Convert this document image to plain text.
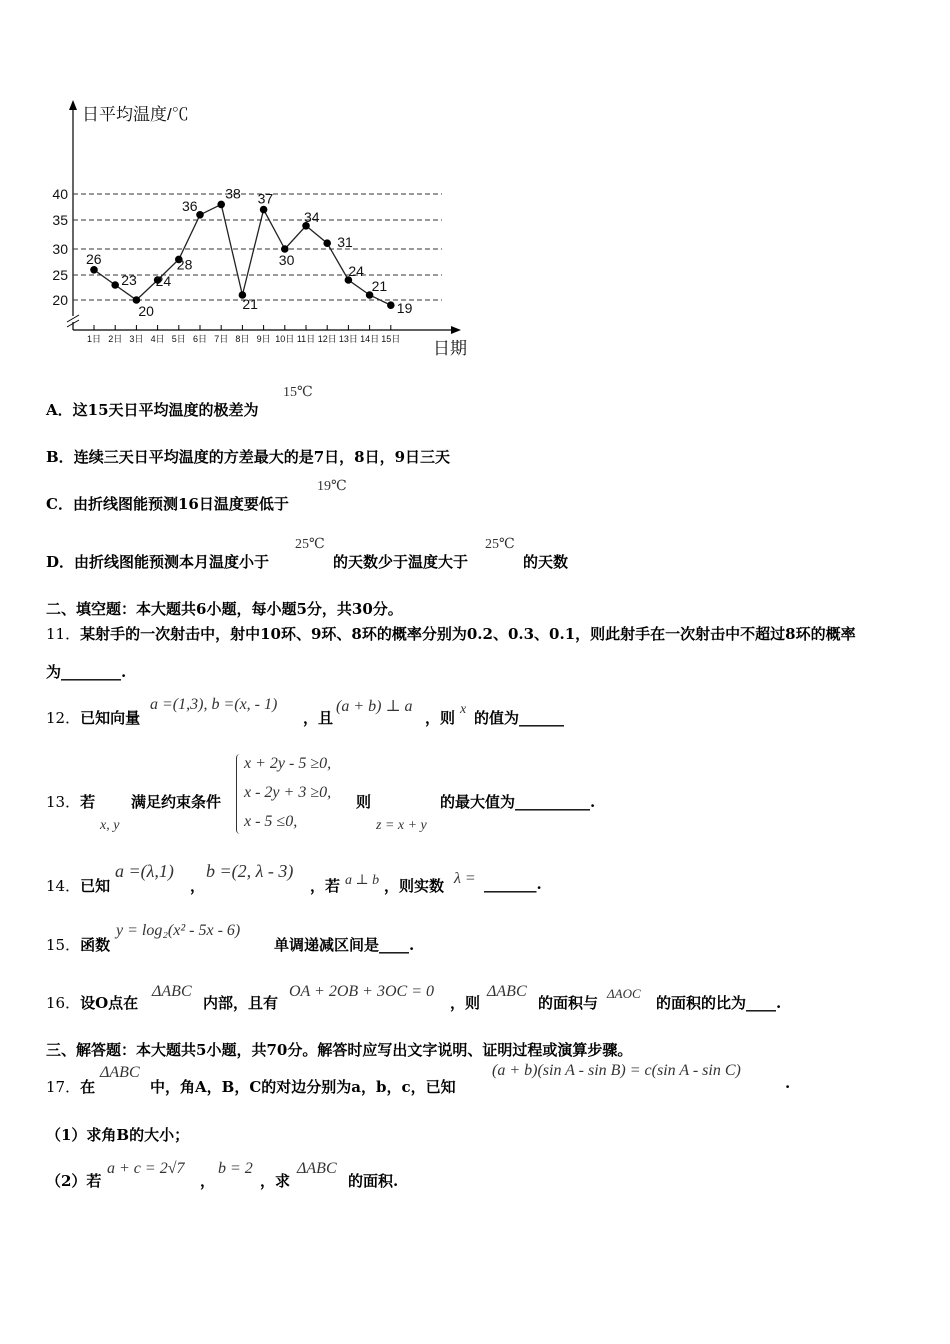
日平均温度/℃
日期
20
25
30
35
40
1日 2日 3日 4日 5日 6日 7日 8日 9日 10日 11日 12日 13日 14日 15日
26
23
20
24
28
36
38
21
37
30
34
31
24
21
19
A．这15天日平均温度的极差为
15℃
B．连续三天日平均温度的方差最大的是7日，8日，9日三天
C．由折线图能预测16日温度要低于
19℃
D．由折线图能预测本月温度小于
25℃
的天数少于温度大于
25℃
的天数
二、填空题：本大题共6小题，每小题5分，共30分。
11．某射手的一次射击中，射中10环、9环、8环的概率分别为0.2、0.3、0.1，则此射手在一次射击中不超过8环的概率
为________.
12．已知向量
a =(1,3), b =(x, - 1)
，且
(a + b) ⊥ a
，则 x 的值为______
13．若
x, y
满足约束条件
x + 2y - 5 ≥0,
x - 2y + 3 ≥0,
x - 5 ≤0,
则
z = x + y
的最大值为__________.
14．已知
a =(λ,1)
，
b =(2, λ - 3)
，若 a ⊥ b ，则实数 λ = _______.
15．函数
y = log₂(x² - 5x - 6)
单调递减区间是____.
16．设O点在
ΔABC
内部，且有
OA + 2OB + 3OC = 0
，则
ΔABC
的面积与
ΔAOC
的面积的比为____.
三、解答题：本大题共5小题，共70分。解答时应写出文字说明、证明过程或演算步骤。
17．在
ΔABC
中，角A，B，C的对边分别为a，b，c，已知
(a + b)(sin A - sin B) = c(sin A - sin C)
.
（1）求角B的大小；
（2）若
a + c = 2√7
，
b = 2
，求
ΔABC
的面积.
